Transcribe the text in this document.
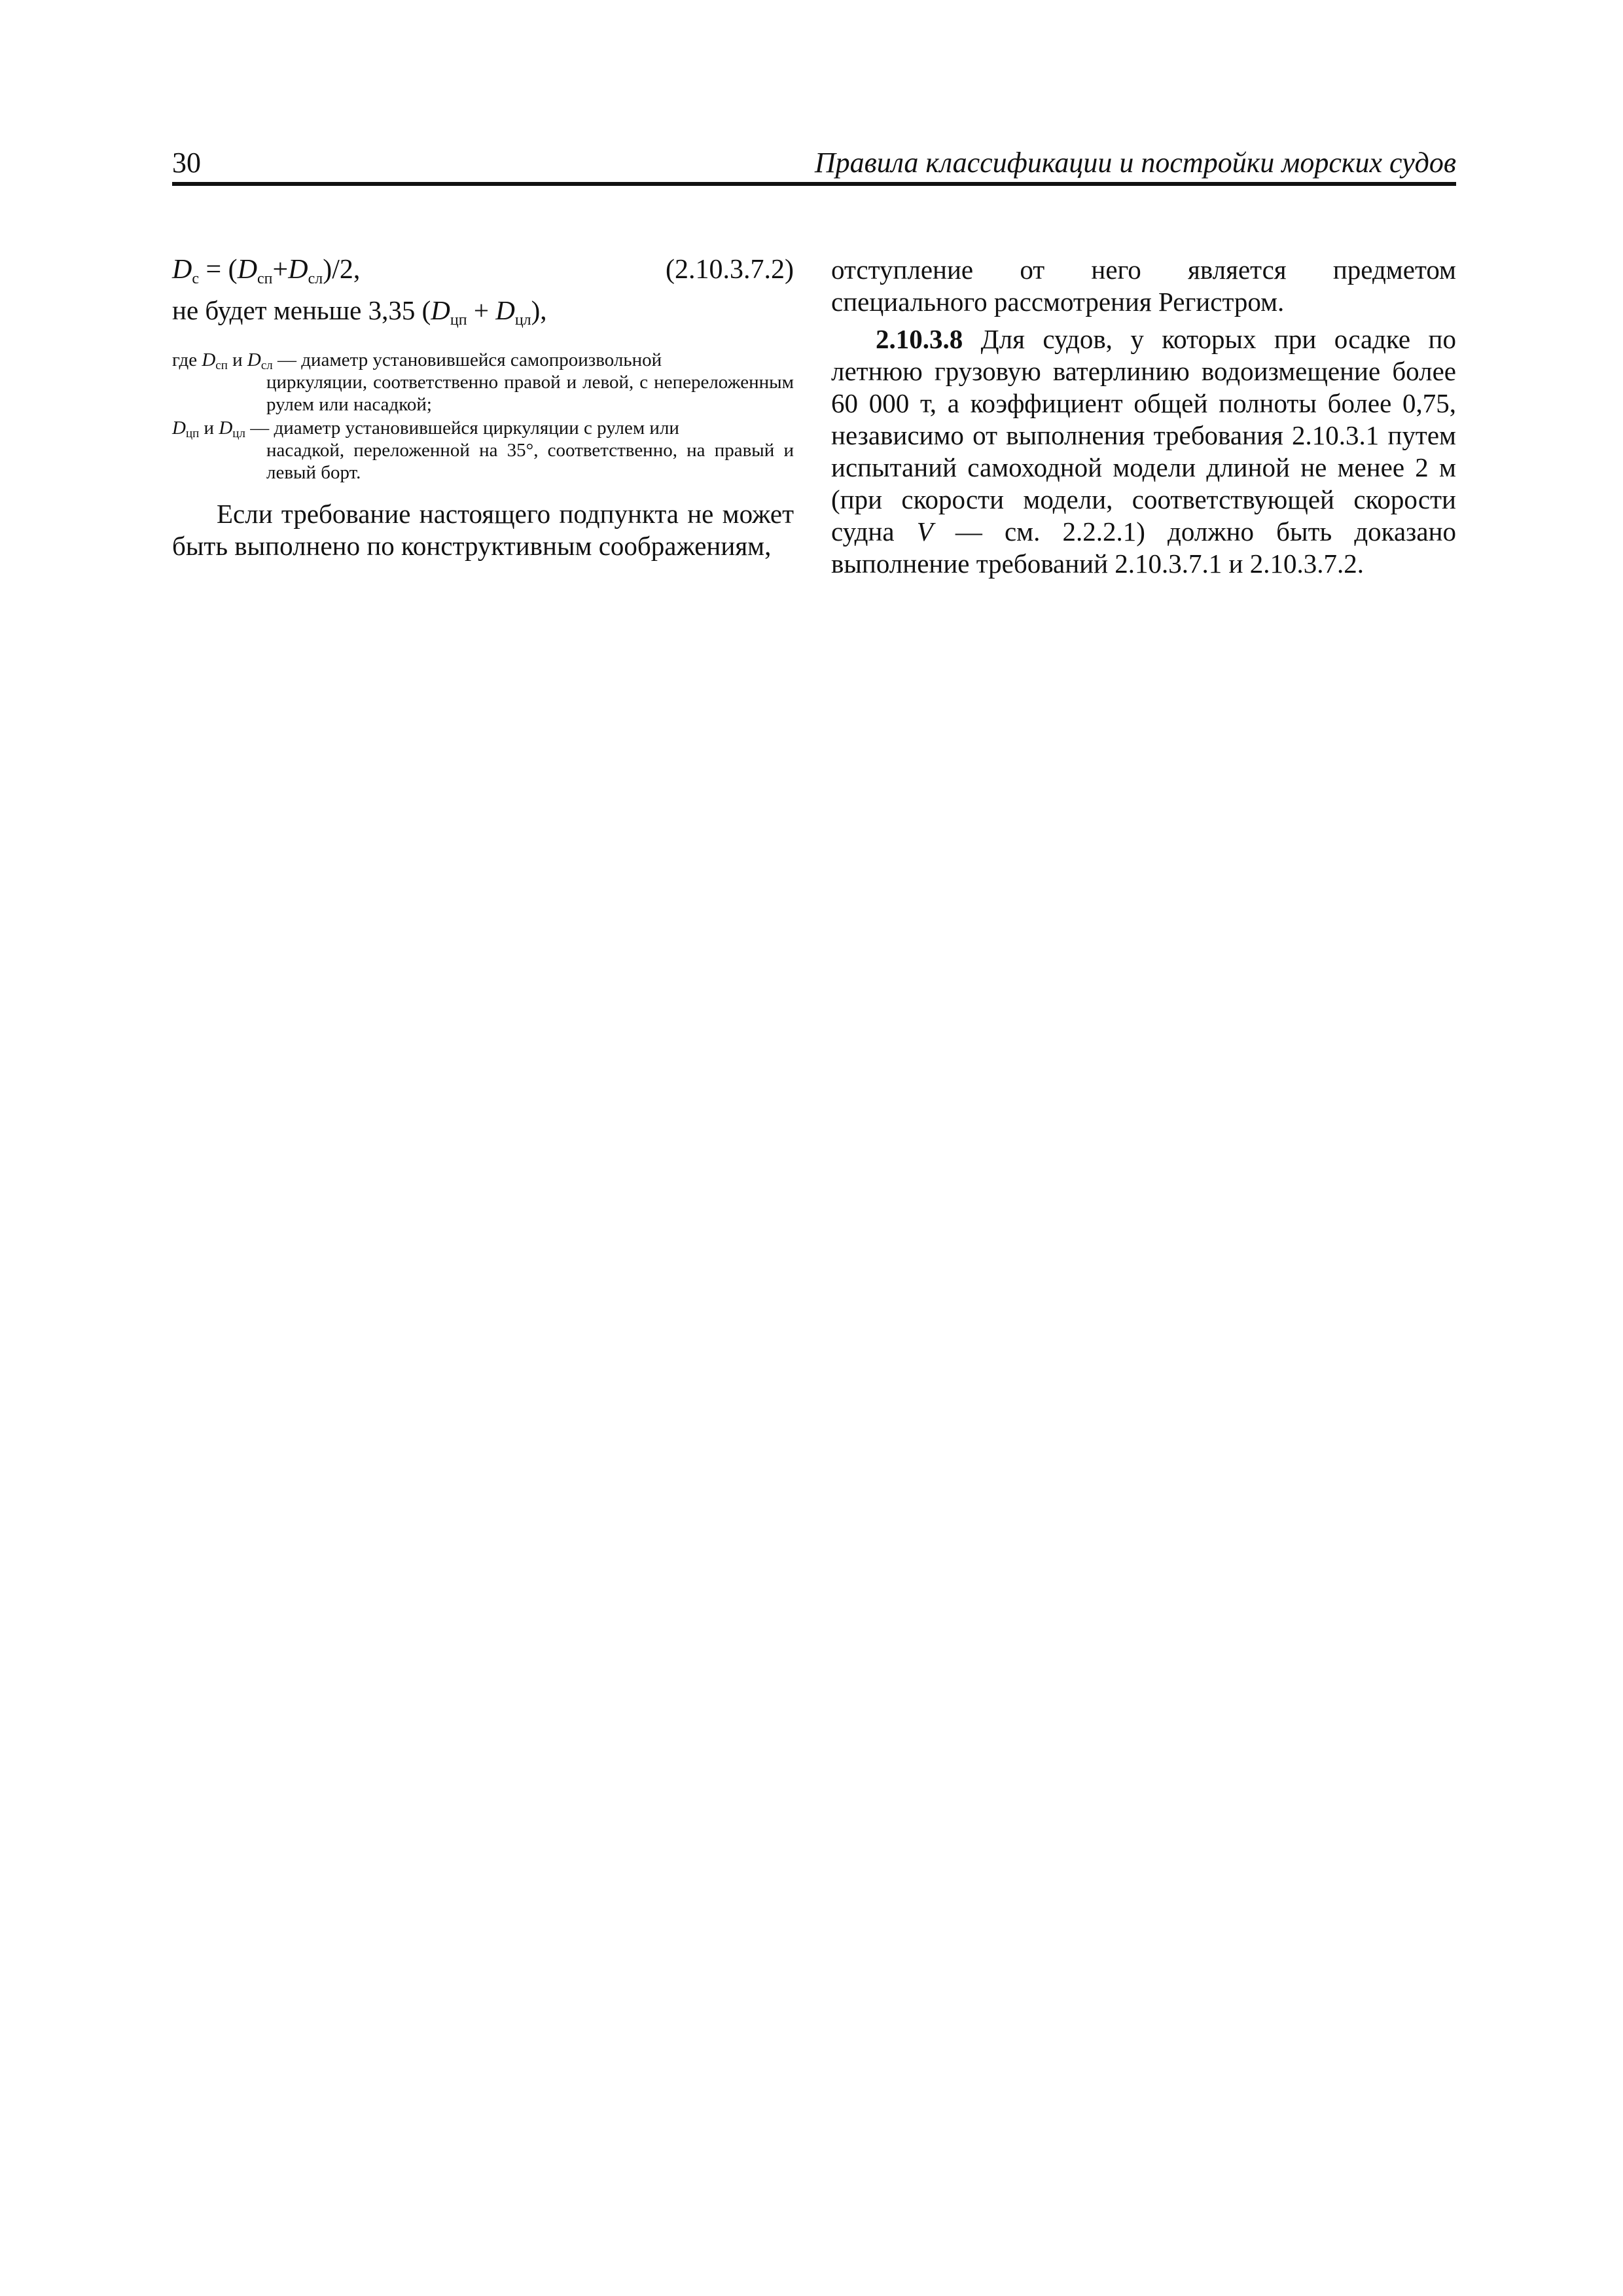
30	Правила классификации и постройки морских судов
$D_с = (D_{сп}+D_{сл})/2$,	(2.10.3.7.2)
не будет меньше 3,35 $(D_{цп} + D_{цл})$,
где $D_{сп}$ и $D_{сл}$ — диаметр установившейся самопроизвольной
циркуляции, соответственно правой и левой, с непереложенным рулем или насадкой;
$D_{цп}$ и $D_{цл}$ — диаметр установившейся циркуляции с рулем или
насадкой, переложенной на 35°, соответственно, на правый и левый борт.

Если требование настоящего подпункта не может быть выполнено по конструктивным соображениям,

отступление от него является предметом специального рассмотрения Регистром.

2.10.3.8 Для судов, у которых при осадке по летнюю грузовую ватерлинию водоизмещение более 60 000 т, а коэффициент общей полноты более 0,75, независимо от выполнения требования 2.10.3.1 путем испытаний самоходной модели длиной не менее 2 м (при скорости модели, соответствующей скорости судна V — см. 2.2.2.1) должно быть доказано выполнение требований 2.10.3.7.1 и 2.10.3.7.2.
